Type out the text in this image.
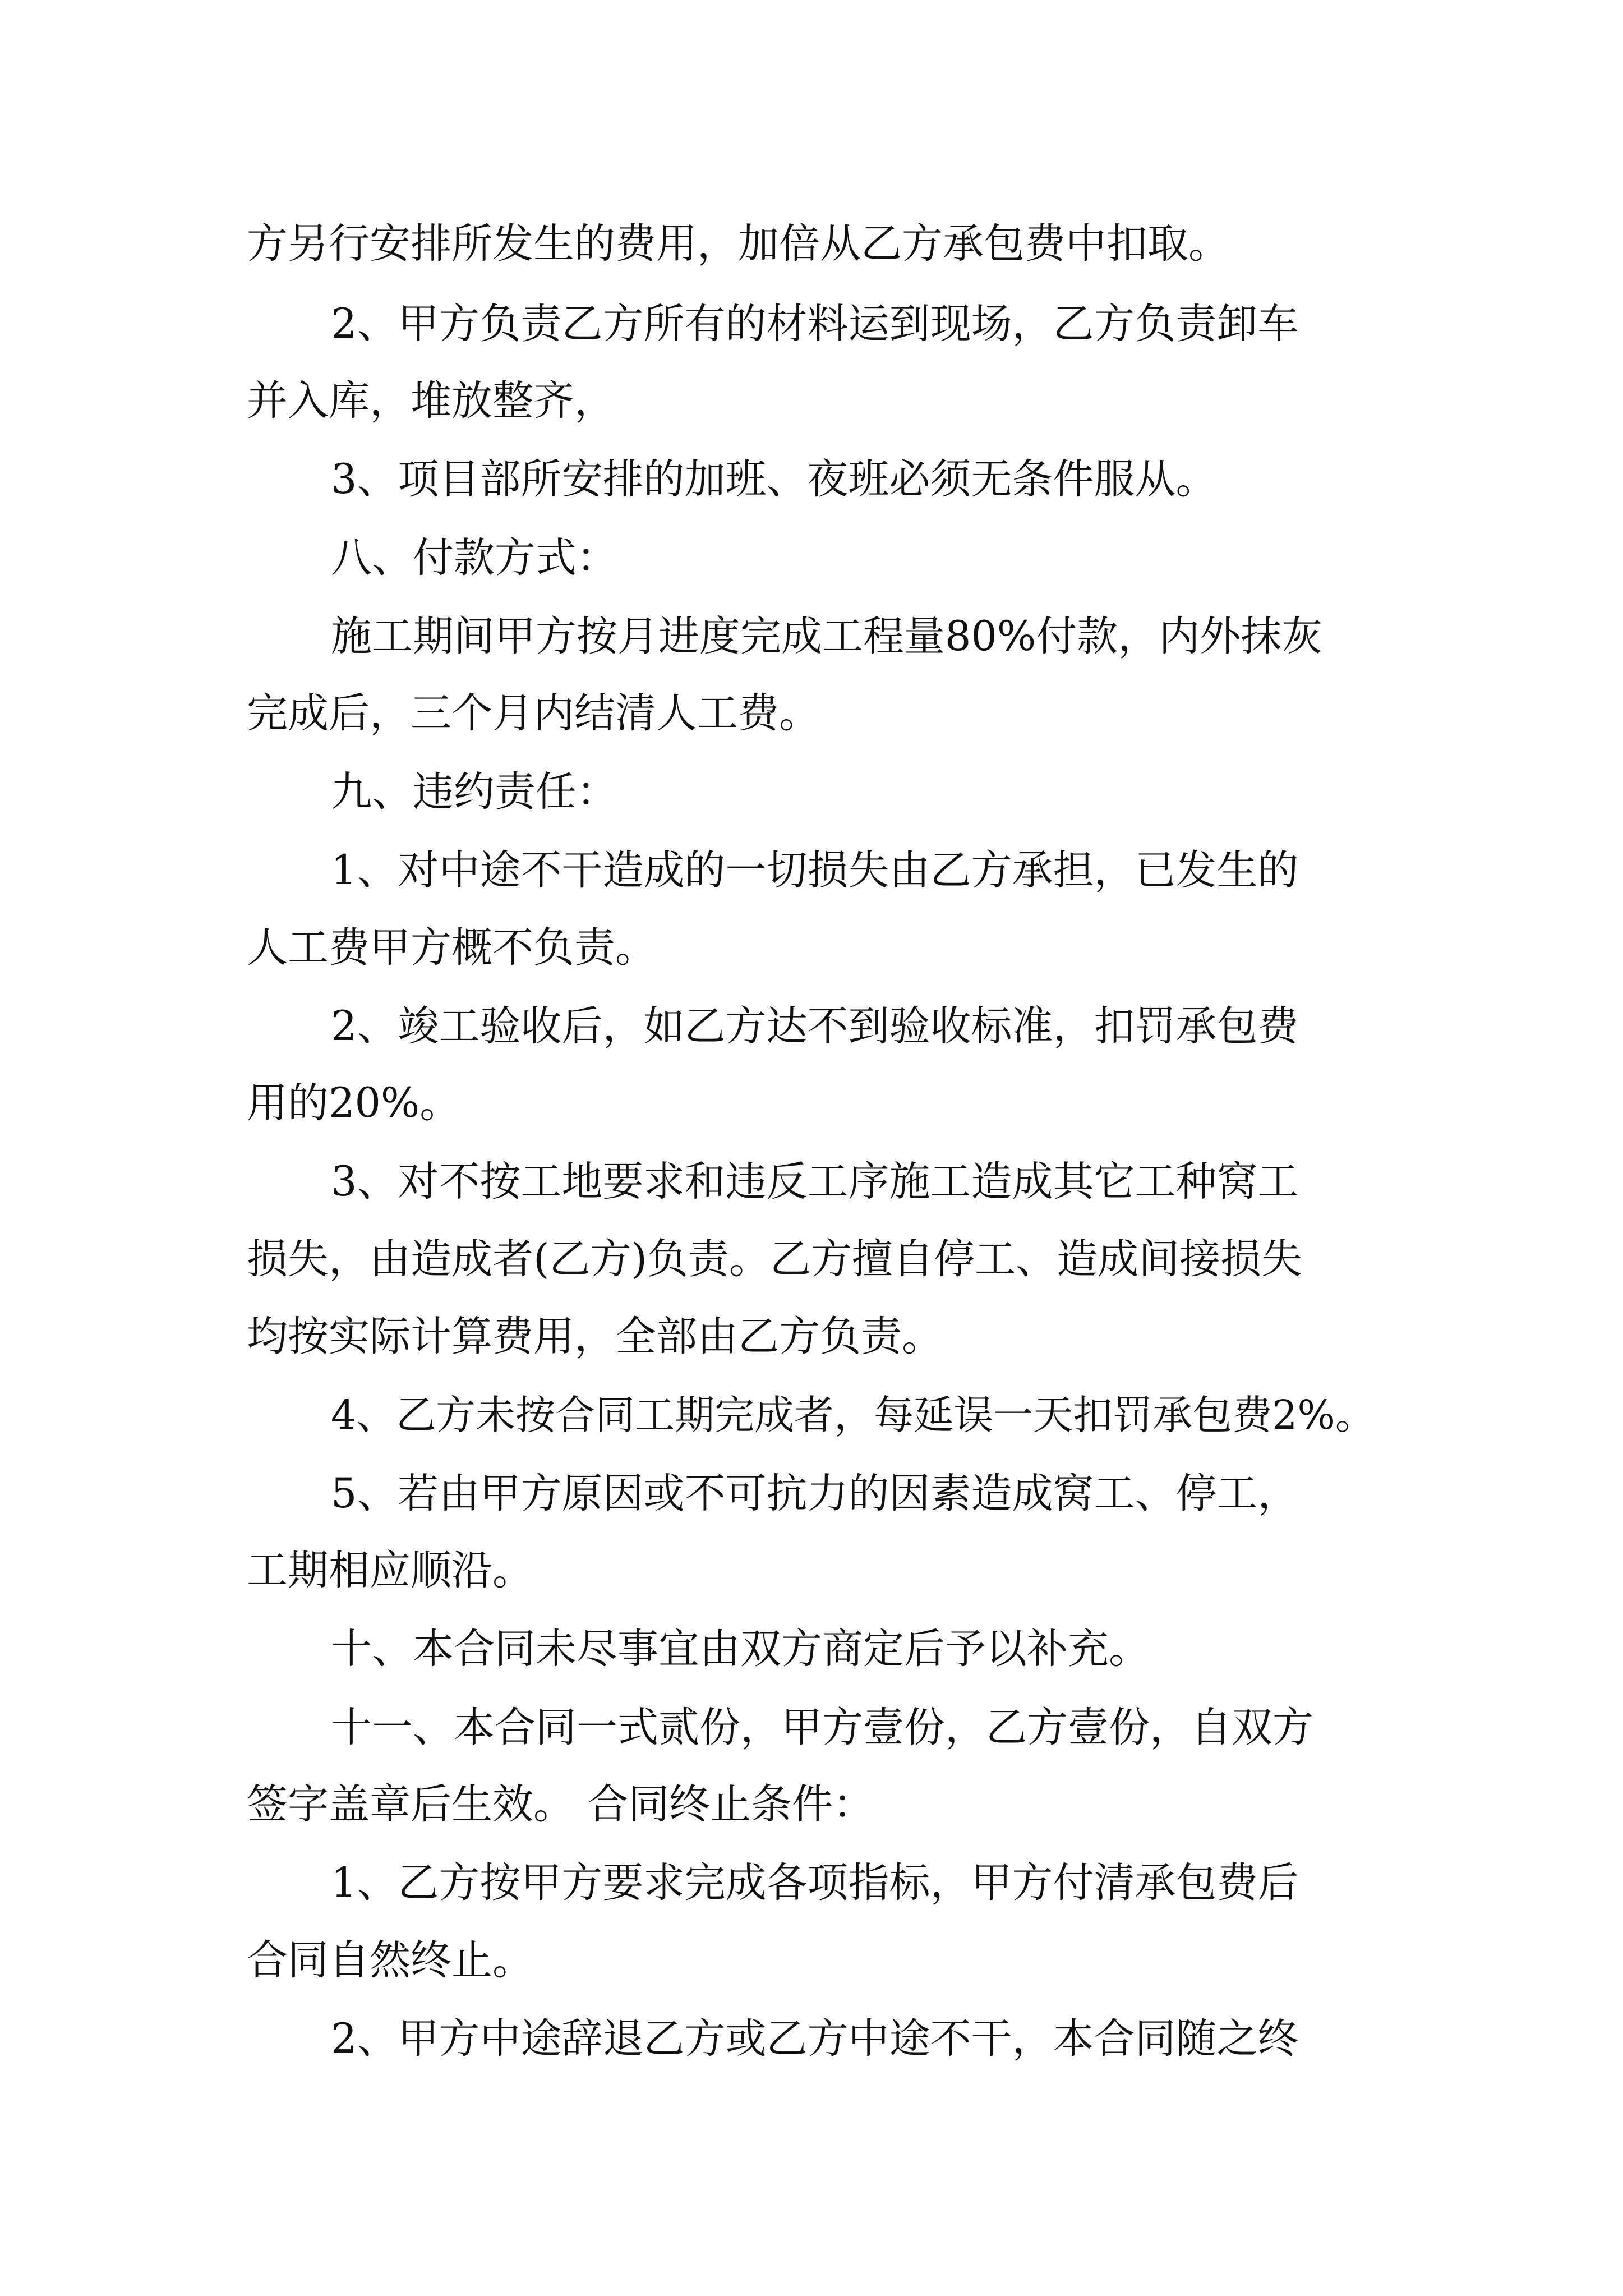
方另行安排所发生的费用，加倍从乙方承包费中扣取。
2、甲方负责乙方所有的材料运到现场，乙方负责卸车
并入库，堆放整齐，
3、项目部所安排的加班、夜班必须无条件服从。
八、付款方式：
施工期间甲方按月进度完成工程量80%付款，内外抹灰
完成后，三个月内结清人工费。
九、违约责任：
1、对中途不干造成的一切损失由乙方承担，已发生的
人工费甲方概不负责。
2、竣工验收后，如乙方达不到验收标准，扣罚承包费
用的20%。
3、对不按工地要求和违反工序施工造成其它工种窝工
损失，由造成者(乙方)负责。乙方擅自停工、造成间接损失
均按实际计算费用，全部由乙方负责。
4、乙方未按合同工期完成者，每延误一天扣罚承包费2%。
5、若由甲方原因或不可抗力的因素造成窝工、停工，
工期相应顺沿。
十、本合同未尽事宜由双方商定后予以补充。
十一、本合同一式贰份，甲方壹份，乙方壹份，自双方
签字盖章后生效。 合同终止条件：
1、乙方按甲方要求完成各项指标，甲方付清承包费后
合同自然终止。
2、甲方中途辞退乙方或乙方中途不干，本合同随之终
